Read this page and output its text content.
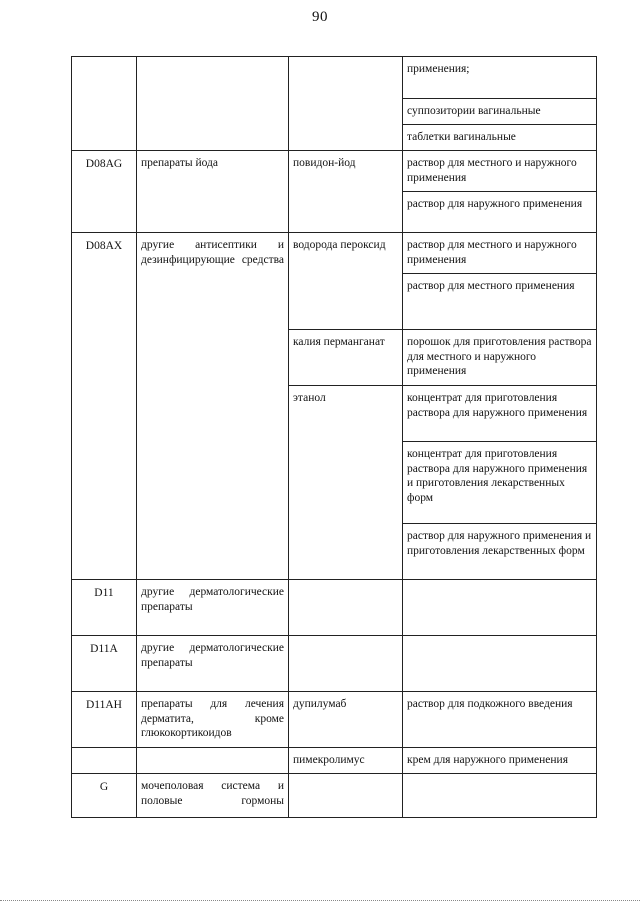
90
			применения;
			суппозитории вагинальные
			таблетки вагинальные
D08AG	препараты йода	повидон-йод	раствор для местного и наружного применения
			раствор для наружного применения
D08AX	другие антисептики и дезинфицирующие средства	водорода пероксид	раствор для местного и наружного применения
			раствор для местного применения
		калия перманганат	порошок для приготовления раствора для местного и наружного применения
		этанол	концентрат для приготовления раствора для наружного применения
			концентрат для приготовления раствора для наружного применения и приготовления лекарственных форм
			раствор для наружного применения и приготовления лекарственных форм
D11	другие дерматологические препараты		
D11A	другие дерматологические препараты		
D11AH	препараты для лечения дерматита, кроме глюкокортикоидов	дупилумаб	раствор для подкожного введения
		пимекролимус	крем для наружного применения
G	мочеполовая система и половые гормоны		
